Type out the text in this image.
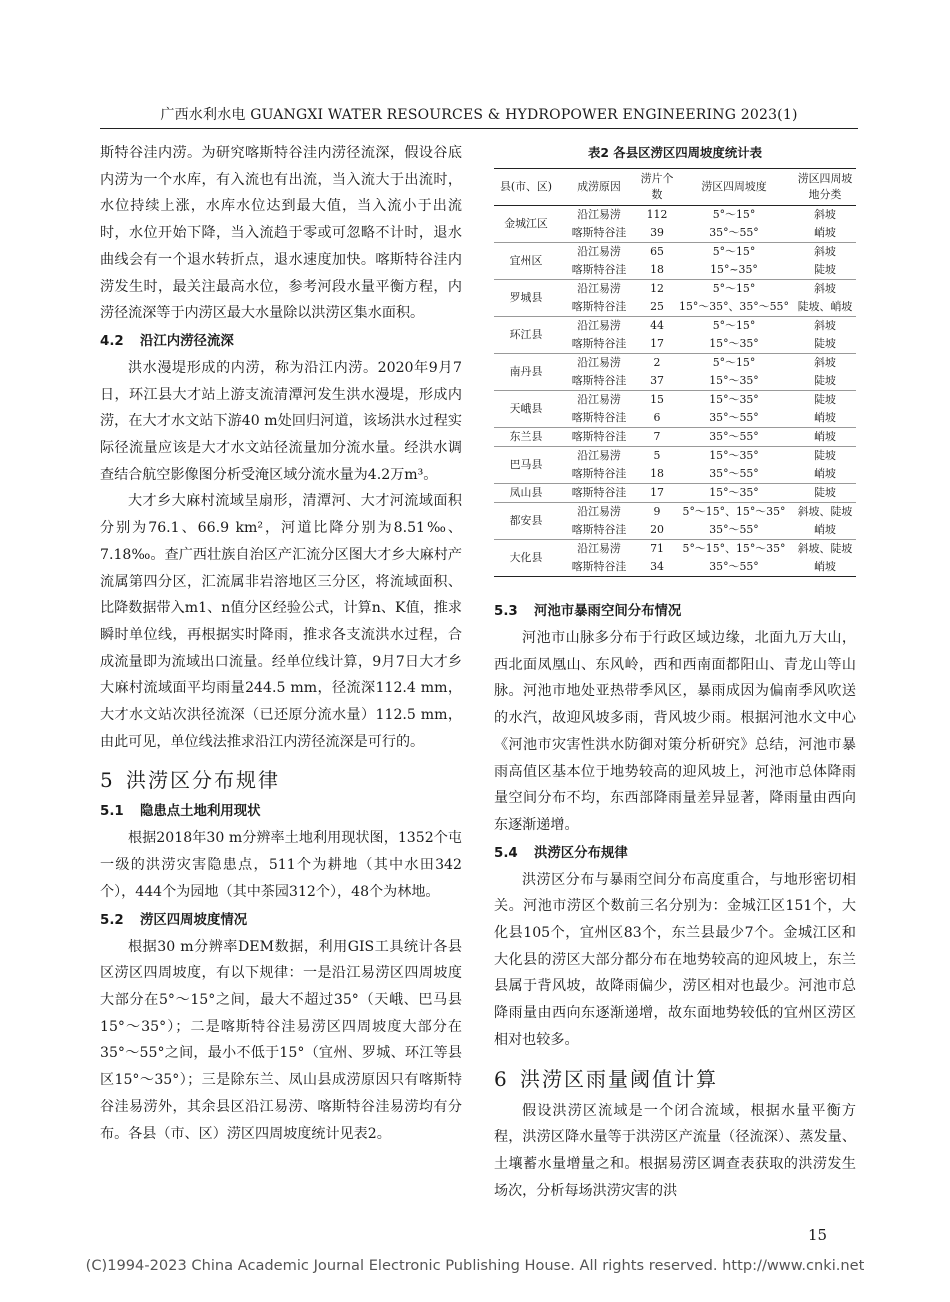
广西水利水电 GUANGXI WATER RESOURCES & HYDROPOWER ENGINEERING 2023(1)

斯特谷洼内涝。为研究喀斯特谷洼内涝径流深，假设谷底内涝为一个水库，有入流也有出流，当入流大于出流时，水位持续上涨，水库水位达到最大值，当入流小于出流时，水位开始下降，当入流趋于零或可忽略不计时，退水曲线会有一个退水转折点，退水速度加快。喀斯特谷洼内涝发生时，最关注最高水位，参考河段水量平衡方程，内涝径流深等于内涝区最大水量除以洪涝区集水面积。

4.2 沿江内涝径流深

洪水漫堤形成的内涝，称为沿江内涝。2020年9月7日，环江县大才站上游支流清潭河发生洪水漫堤，形成内涝，在大才水文站下游40 m处回归河道，该场洪水过程实际径流量应该是大才水文站径流量加分流水量。经洪水调查结合航空影像图分析受淹区域分流水量为4.2万m³。

大才乡大麻村流域呈扇形，清潭河、大才河流域面积分别为76.1、66.9 km²，河道比降分别为8.51‰、7.18‰。查广西壮族自治区产汇流分区图大才乡大麻村产流属第四分区，汇流属非岩溶地区三分区，将流域面积、比降数据带入m1、n值分区经验公式，计算n、K值，推求瞬时单位线，再根据实时降雨，推求各支流洪水过程，合成流量即为流域出口流量。经单位线计算，9月7日大才乡大麻村流域面平均雨量244.5 mm，径流深112.4 mm，大才水文站次洪径流深（已还原分流水量）112.5 mm，由此可见，单位线法推求沿江内涝径流深是可行的。

5 洪涝区分布规律
5.1 隐患点土地利用现状

根据2018年30 m分辨率土地利用现状图，1352个屯一级的洪涝灾害隐患点，511个为耕地（其中水田342个），444个为园地（其中茶园312个），48个为林地。

5.2 涝区四周坡度情况

根据30 m分辨率DEM数据，利用GIS工具统计各县区涝区四周坡度，有以下规律：一是沿江易涝区四周坡度大部分在5°～15°之间，最大不超过35°（天峨、巴马县15°～35°）；二是喀斯特谷洼易涝区四周坡度大部分在35°～55°之间，最小不低于15°（宜州、罗城、环江等县区15°～35°）；三是除东兰、凤山县成涝原因只有喀斯特谷洼易涝外，其余县区沿江易涝、喀斯特谷洼易涝均有分布。各县（市、区）涝区四周坡度统计见表2。

表2 各县区涝区四周坡度统计表
县(市、区)	成涝原因	涝片个数	涝区四周坡度	涝区四周坡地分类
金城江区	沿江易涝	112	5°～15°	斜坡
	喀斯特谷洼	39	35°～55°	峭坡
宜州区	沿江易涝	65	5°～15°	斜坡
	喀斯特谷洼	18	15°~35°	陡坡
罗城县	沿江易涝	12	5°～15°	斜坡
	喀斯特谷洼	25	15°～35°、35°～55°	陡坡、峭坡
环江县	沿江易涝	44	5°～15°	斜坡
	喀斯特谷洼	17	15°～35°	陡坡
南丹县	沿江易涝	2	5°～15°	斜坡
	喀斯特谷洼	37	15°～35°	陡坡
天峨县	沿江易涝	15	15°～35°	陡坡
	喀斯特谷洼	6	35°～55°	峭坡
东兰县	喀斯特谷洼	7	35°～55°	峭坡
巴马县	沿江易涝	5	15°～35°	陡坡
	喀斯特谷洼	18	35°～55°	峭坡
凤山县	喀斯特谷洼	17	15°～35°	陡坡
都安县	沿江易涝	9	5°～15°、15°～35°	斜坡、陡坡
	喀斯特谷洼	20	35°～55°	峭坡
大化县	沿江易涝	71	5°～15°、15°～35°	斜坡、陡坡
	喀斯特谷洼	34	35°～55°	峭坡
5.3 河池市暴雨空间分布情况

河池市山脉多分布于行政区域边缘，北面九万大山，西北面凤凰山、东风岭，西和西南面都阳山、青龙山等山脉。河池市地处亚热带季风区，暴雨成因为偏南季风吹送的水汽，故迎风坡多雨，背风坡少雨。根据河池水文中心《河池市灾害性洪水防御对策分析研究》总结，河池市暴雨高值区基本位于地势较高的迎风坡上，河池市总体降雨量空间分布不均，东西部降雨量差异显著，降雨量由西向东逐渐递增。

5.4 洪涝区分布规律

洪涝区分布与暴雨空间分布高度重合，与地形密切相关。河池市涝区个数前三名分别为：金城江区151个，大化县105个，宜州区83个，东兰县最少7个。金城江区和大化县的涝区大部分都分布在地势较高的迎风坡上，东兰县属于背风坡，故降雨偏少，涝区相对也最少。河池市总降雨量由西向东逐渐递增，故东面地势较低的宜州区涝区相对也较多。

6 洪涝区雨量阈值计算

假设洪涝区流域是一个闭合流域，根据水量平衡方程，洪涝区降水量等于洪涝区产流量（径流深）、蒸发量、土壤蓄水量增量之和。根据易涝区调查表获取的洪涝发生场次，分析每场洪涝灾害的洪

15
(C)1994-2023 China Academic Journal Electronic Publishing House. All rights reserved. http://www.cnki.net
